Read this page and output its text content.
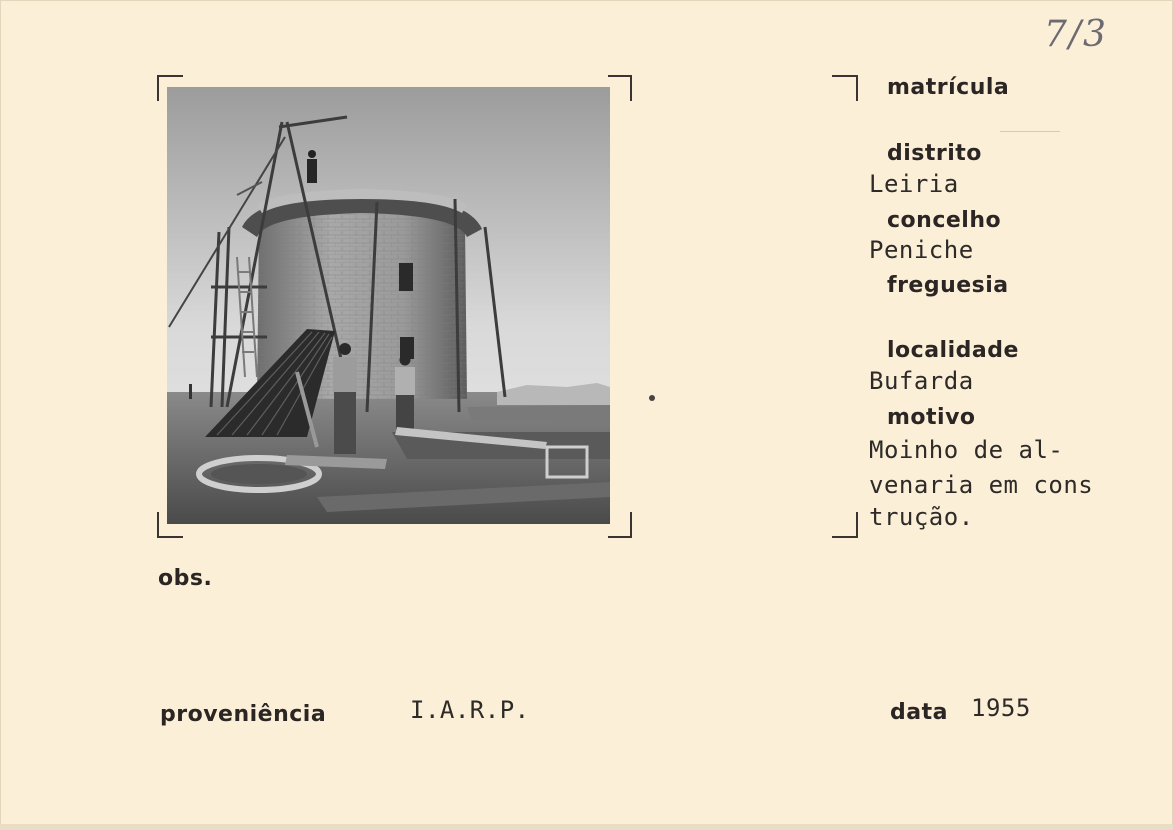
7/3
matrícula
distrito
Leiria
concelho
Peniche
freguesia
localidade
Bufarda
motivo
Moinho de al-
venaria em cons
trução.
obs.
proveniência	I.A.R.P.	data 1955
